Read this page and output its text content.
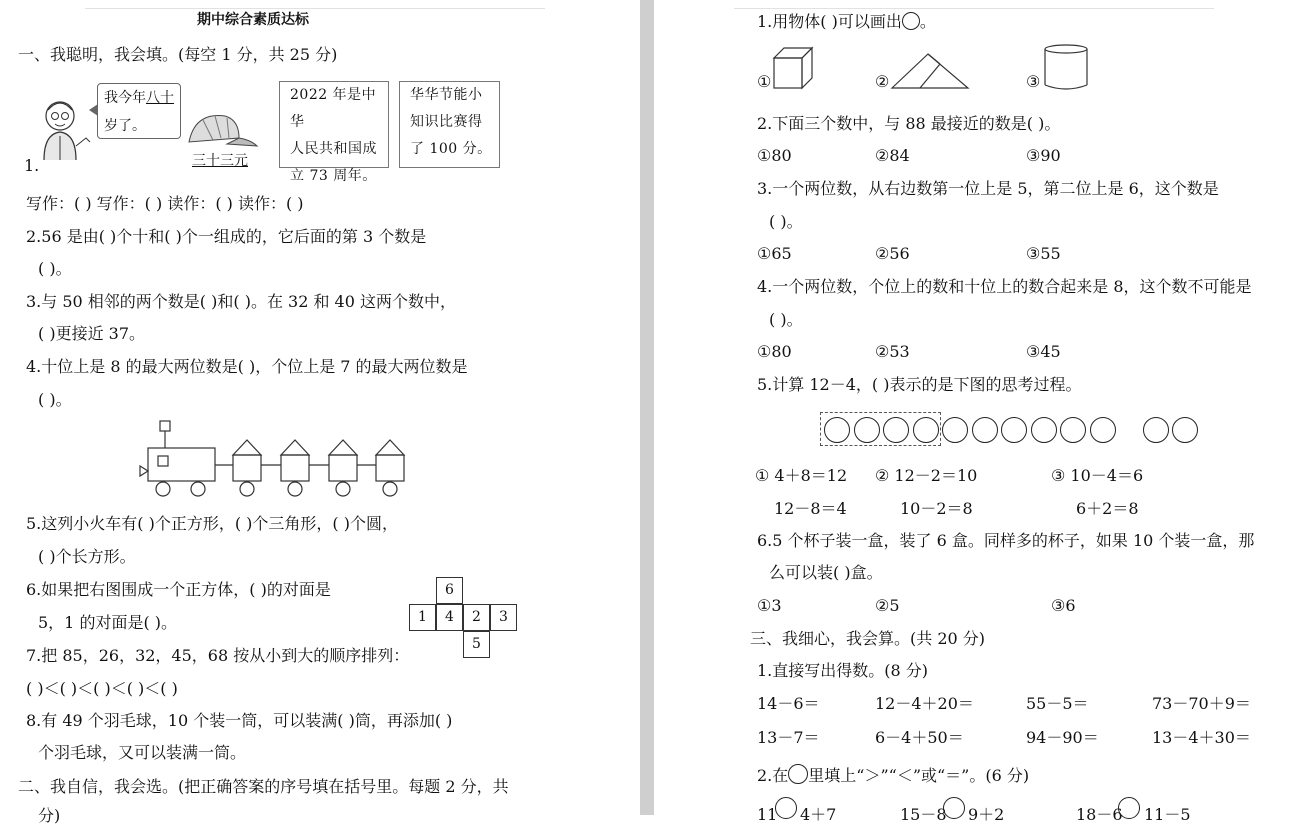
期中综合素质达标
一、我聪明，我会填。(每空 1 分，共 25 分)
我今年八十
岁了。
1.	三十三元
2022 年是中华
人民共和国成
立 73 周年。
华华节能小
知识比赛得
了 100 分。
写作：( ) 写作：( ) 读作：( ) 读作：( )
2.56 是由( )个十和( )个一组成的，它后面的第 3 个数是
( )。
3.与 50 相邻的两个数是( )和( )。在 32 和 40 这两个数中，
( )更接近 37。
4.十位上是 8 的最大两位数是( )，个位上是 7 的最大两位数是
( )。
5.这列小火车有( )个正方形，( )个三角形，( )个圆，
( )个长方形。
6.如果把右图围成一个正方体，( )的对面是
5，1 的对面是( )。
6
1	4	2	3
5
7.把 85，26，32，45，68 按从小到大的顺序排列：
( )＜( )＜( )＜( )＜( )
8.有 49 个羽毛球，10 个装一筒，可以装满( )筒，再添加( )
个羽毛球，又可以装满一筒。
二、我自信，我会选。(把正确答案的序号填在括号里。每题 2 分，共
分)
1.用物体( )可以画出 。
①	②	③
2.下面三个数中，与 88 最接近的数是( )。
①80	②84	③90
3.一个两位数，从右边数第一位上是 5，第二位上是 6，这个数是
( )。
①65	②56	③55
4.一个两位数，个位上的数和十位上的数合起来是 8，这个数不可能是
( )。
①80	②53	③45
5.计算 12－4，( )表示的是下图的思考过程。
① 4＋8＝12
12－8＝4
② 12－2＝10
10－2＝8
③ 10－4＝6
6＋2＝8
6.5 个杯子装一盒，装了 6 盒。同样多的杯子，如果 10 个装一盒，那
么可以装( )盒。
①3	②5	③6
三、我细心，我会算。(共 20 分)
1.直接写出得数。(8 分)
14－6＝	12－4＋20＝	55－5＝	73－70＋9＝
13－7＝	6－4＋50＝	94－90＝	13－4＋30＝
2.在 里填上“＞”“＜”或“＝”。(6 分)
11 4＋7	15－8 9＋2	18－6 11－5
